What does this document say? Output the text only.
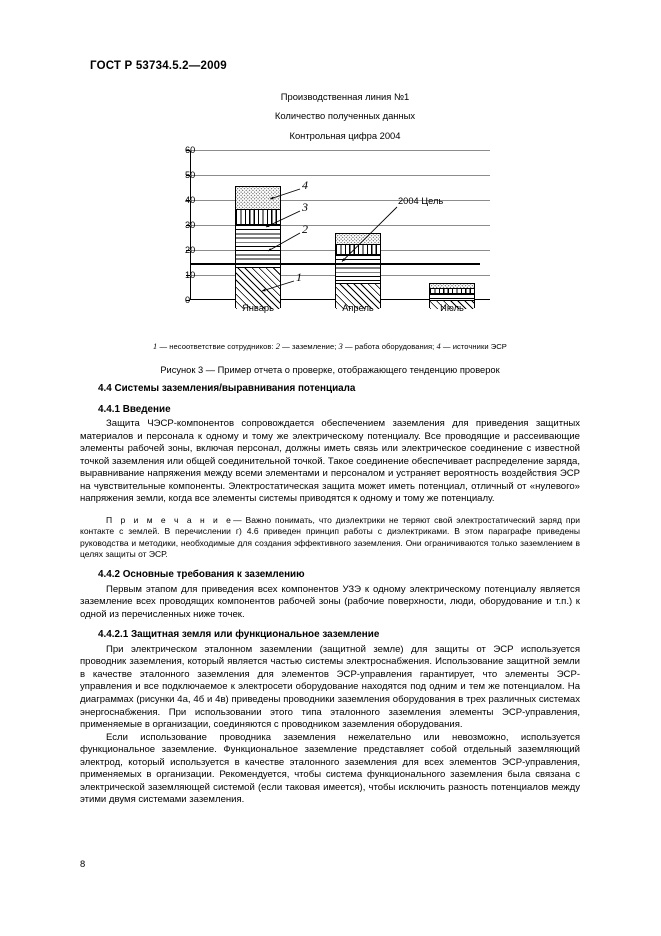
ГОСТ Р 53734.5.2—2009
Производственная линия №1
Количество полученных данных
Контрольная цифра 2004
0
10
20
30
40
50
60
2004 Цель
4
3
2
1
Январь	Апрель	Июль
1 — несоответствие сотрудников: 2 — заземление; 3 — работа оборудования; 4 — источники ЭСР
Рисунок 3 — Пример отчета о проверке, отображающего тенденцию проверок
4.4 Системы заземления/выравнивания потенциала
4.4.1 Введение

Защита ЧЭСР-компонентов сопровождается обеспечением заземления для приведения защитных материалов и персонала к одному и тому же электрическому потенциалу. Все проводящие и рассеивающие элементы рабочей зоны, включая персонал, должны иметь связь или электрическое соединение с известной точкой заземления или общей соединительной точкой. Такое соединение обеспечивает распределение заряда, выравнивание напряжения между всеми элементами и персоналом и устраняет вероятность воздействия ЭСР на чувствительные компоненты. Электростатическая защита может иметь потенциал, отличный от «нулевого» напряжения земли, когда все элементы системы приводятся к одному и тому же потенциалу.

П р и м е ч а н и е— Важно понимать, что диэлектрики не теряют свой электростатический заряд при контакте с землей. В перечислении г) 4.6 приведен принцип работы с диэлектриками. В этом параграфе приведены руководства и методики, необходимые для создания эффективного заземления. Они ограничиваются только заземлением в целях защиты от ЭСР.

4.4.2 Основные требования к заземлению

Первым этапом для приведения всех компонентов УЗЭ к одному электрическому потенциалу является заземление всех проводящих компонентов рабочей зоны (рабочие поверхности, люди, оборудование и т.п.) к одной из перечисленных ниже точек.

4.4.2.1 Защитная земля или функциональное заземление

При электрическом эталонном заземлении (защитной земле) для защиты от ЭСР используется проводник заземления, который является частью системы электроснабжения. Использование защитной земли в качестве эталонного заземления для элементов ЭСР-управления гарантирует, что элементы ЭСР-управления и все подключаемое к электросети оборудование находятся под одним и тем же потенциалом. На диаграммах (рисунки 4а, 4б и 4в) приведены проводники заземления оборудования в трех различных системах энергоснабжения. При использовании этого типа эталонного заземления элементы ЭСР-управления, применяемые в организации, соединяются с проводником заземления оборудования.

Если использование проводника заземления нежелательно или невозможно, используется функциональное заземление. Функциональное заземление представляет собой отдельный заземляющий электрод, который используется в качестве эталонного заземления для всех элементов ЭСР-управления, применяемых в организации. Рекомендуется, чтобы система функционального заземления была связана с электрической заземляющей системой (если таковая имеется), чтобы исключить разность потенциалов между этими двумя системами заземления.

8
